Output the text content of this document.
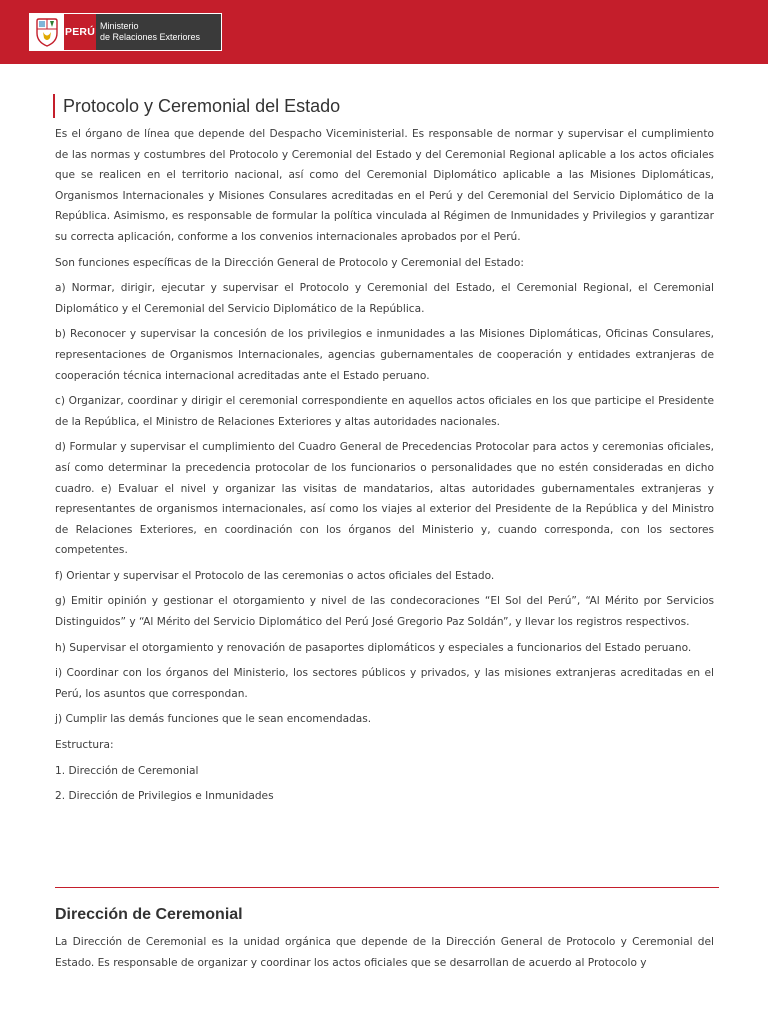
PERÚ Ministerio
de Relaciones Exteriores
Protocolo y Ceremonial del Estado

Es el órgano de línea que depende del Despacho Viceministerial. Es responsable de normar y supervisar el cumplimiento de las normas y costumbres del Protocolo y Ceremonial del Estado y del Ceremonial Regional aplicable a los actos oficiales que se realicen en el territorio nacional, así como del Ceremonial Diplomático aplicable a las Misiones Diplomáticas, Organismos Internacionales y Misiones Consulares acreditadas en el Perú y del Ceremonial del Servicio Diplomático de la República. Asimismo, es responsable de formular la política vinculada al Régimen de Inmunidades y Privilegios y garantizar su correcta aplicación, conforme a los convenios internacionales aprobados por el Perú.

Son funciones específicas de la Dirección General de Protocolo y Ceremonial del Estado:

a) Normar, dirigir, ejecutar y supervisar el Protocolo y Ceremonial del Estado, el Ceremonial Regional, el Ceremonial Diplomático y el Ceremonial del Servicio Diplomático de la República.

b) Reconocer y supervisar la concesión de los privilegios e inmunidades a las Misiones Diplomáticas, Oficinas Consulares, representaciones de Organismos Internacionales, agencias gubernamentales de cooperación y entidades extranjeras de cooperación técnica internacional acreditadas ante el Estado peruano.

c) Organizar, coordinar y dirigir el ceremonial correspondiente en aquellos actos oficiales en los que participe el Presidente de la República, el Ministro de Relaciones Exteriores y altas autoridades nacionales.

d) Formular y supervisar el cumplimiento del Cuadro General de Precedencias Protocolar para actos y ceremonias oficiales, así como determinar la precedencia protocolar de los funcionarios o personalidades que no estén consideradas en dicho cuadro. e) Evaluar el nivel y organizar las visitas de mandatarios, altas autoridades gubernamentales extranjeras y representantes de organismos internacionales, así como los viajes al exterior del Presidente de la República y del Ministro de Relaciones Exteriores, en coordinación con los órganos del Ministerio y, cuando corresponda, con los sectores competentes.

f) Orientar y supervisar el Protocolo de las ceremonias o actos oficiales del Estado.

g) Emitir opinión y gestionar el otorgamiento y nivel de las condecoraciones “El Sol del Perú”, “Al Mérito por Servicios Distinguidos” y “Al Mérito del Servicio Diplomático del Perú José Gregorio Paz Soldán”, y llevar los registros respectivos.

h) Supervisar el otorgamiento y renovación de pasaportes diplomáticos y especiales a funcionarios del Estado peruano.

i) Coordinar con los órganos del Ministerio, los sectores públicos y privados, y las misiones extranjeras acreditadas en el Perú, los asuntos que correspondan.

j) Cumplir las demás funciones que le sean encomendadas.

Estructura:

1. Dirección de Ceremonial

2. Dirección de Privilegios e Inmunidades

Dirección de Ceremonial

La Dirección de Ceremonial es la unidad orgánica que depende de la Dirección General de Protocolo y Ceremonial del Estado. Es responsable de organizar y coordinar los actos oficiales que se desarrollan de acuerdo al Protocolo y
